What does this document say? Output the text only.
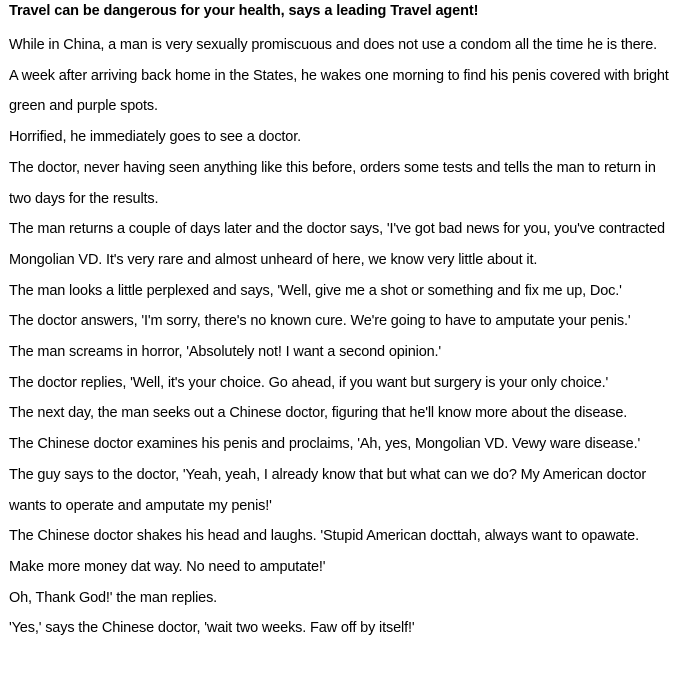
Travel can be dangerous for your health, says a leading Travel agent!

While in China, a man is very sexually promiscuous and does not use a condom all the time he is there.

A week after arriving back home in the States, he wakes one morning to find his penis covered with bright green and purple spots.

Horrified, he immediately goes to see a doctor.

The doctor, never having seen anything like this before, orders some tests and tells the man to return in two days for the results.

The man returns a couple of days later and the doctor says, 'I've got bad news for you, you've contracted Mongolian VD. It's very rare and almost unheard of here, we know very little about it.

The man looks a little perplexed and says, 'Well, give me a shot or something and fix me up, Doc.'

The doctor answers, 'I'm sorry, there's no known cure. We're going to have to amputate your penis.'

The man screams in horror, 'Absolutely not! I want a second opinion.'

The doctor replies, 'Well, it's your choice. Go ahead, if you want but surgery is your only choice.'

The next day, the man seeks out a Chinese doctor, figuring that he'll know more about the disease.

The Chinese doctor examines his penis and proclaims, 'Ah, yes, Mongolian VD. Vewy ware disease.'

The guy says to the doctor, 'Yeah, yeah, I already know that but what can we do? My American doctor wants to operate and amputate my penis!'

The Chinese doctor shakes his head and laughs. 'Stupid American docttah, always want to opawate. Make more money dat way. No need to amputate!'

Oh, Thank God!' the man replies.

'Yes,' says the Chinese doctor, 'wait two weeks. Faw off by itself!'
